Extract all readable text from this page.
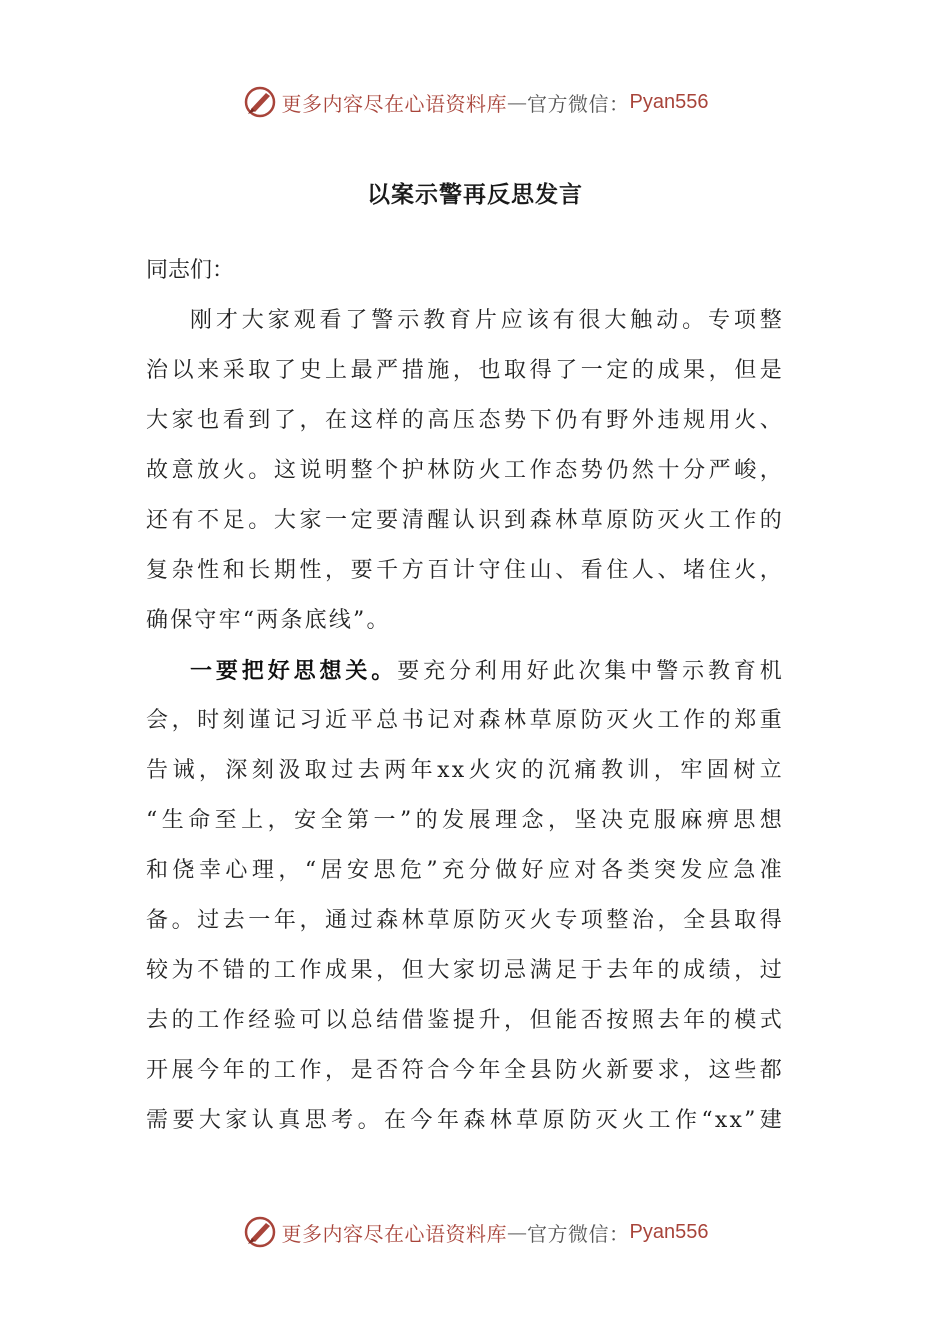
更多内容尽在心语资料库 — 官方微信： Pyan556
以案示警再反思发言
同志们：
刚才大家观看了警示教育片应该有很大触动。专项整
治以来采取了史上最严措施，也取得了一定的成果，但是
大家也看到了，在这样的高压态势下仍有野外违规用火、
故意放火。这说明整个护林防火工作态势仍然十分严峻，
还有不足。大家一定要清醒认识到森林草原防灭火工作的
复杂性和长期性，要千方百计守住山、看住人、堵住火，
确保守牢“两条底线”。
一要把好思想关。要充分利用好此次集中警示教育机
会，时刻谨记习近平总书记对森林草原防灭火工作的郑重
告诫，深刻汲取过去两年xx火灾的沉痛教训，牢固树立
“生命至上，安全第一”的发展理念，坚决克服麻痹思想
和侥幸心理，“居安思危”充分做好应对各类突发应急准
备。过去一年，通过森林草原防灭火专项整治，全县取得
较为不错的工作成果，但大家切忌满足于去年的成绩，过
去的工作经验可以总结借鉴提升，但能否按照去年的模式
开展今年的工作，是否符合今年全县防火新要求，这些都
需要大家认真思考。在今年森林草原防灭火工作“xx”建
更多内容尽在心语资料库 — 官方微信： Pyan556
